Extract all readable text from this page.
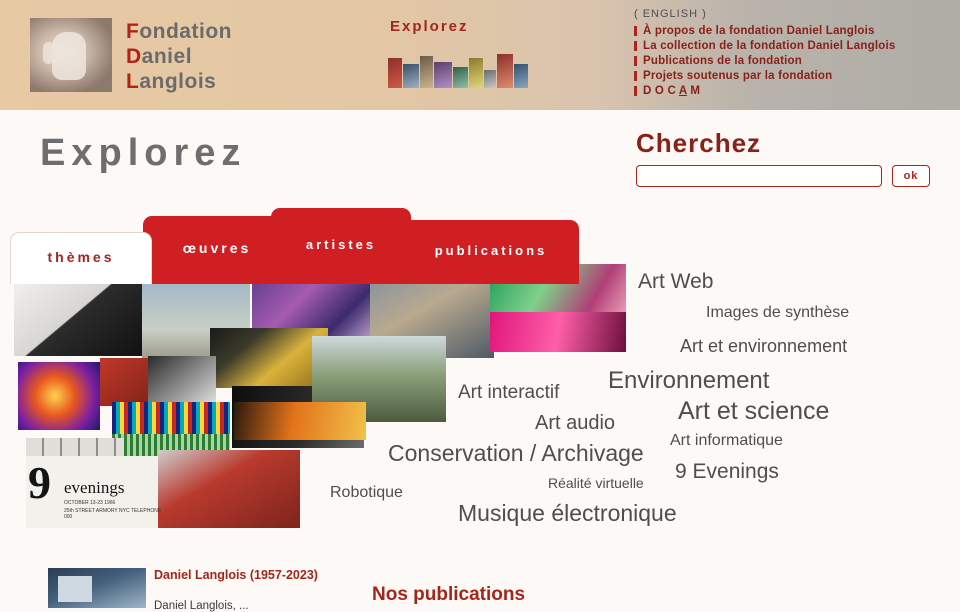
Fondation
Daniel
Langlois
Explorez
( ENGLISH )
À propos de la fondation Daniel Langlois
La collection de la fondation Daniel Langlois
Publications de la fondation
Projets soutenus par la fondation
D O C A M
Explorez	Cherchez
ok
9 evenings
OCTOBER 13-23 1966
25th STREET ARMORY NYC TELEPHONE 000
thèmes
œuvres	artistes	publications
Art Web
Images de synthèse
Art et environnement
Environnement
Art interactif
Art et science
Art audio
Art informatique
Conservation / Archivage
9 Evenings
Réalité virtuelle
Robotique
Musique électronique
Daniel Langlois (1957-2023)
Daniel Langlois, ...
Nos publications
